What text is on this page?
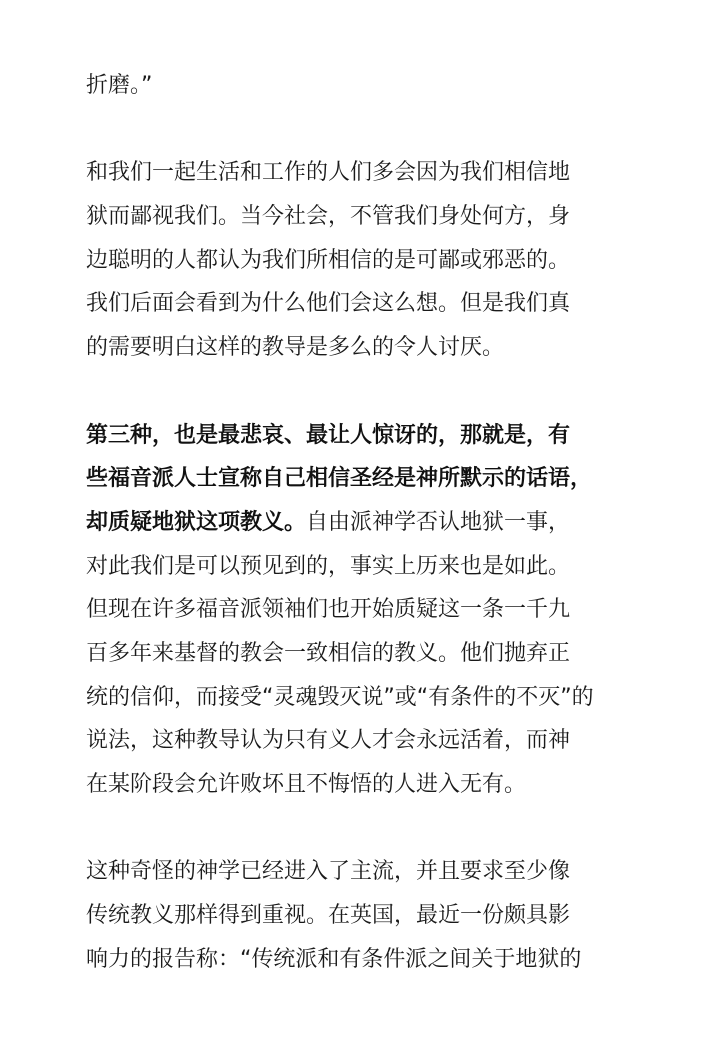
折磨。”
和我们一起生活和工作的人们多会因为我们相信地
狱而鄙视我们。当今社会，不管我们身处何方，身
边聪明的人都认为我们所相信的是可鄙或邪恶的。
我们后面会看到为什么他们会这么想。但是我们真
的需要明白这样的教导是多么的令人讨厌。
第三种，也是最悲哀、最让人惊讶的，那就是，有
些福音派人士宣称自己相信圣经是神所默示的话语，
却质疑地狱这项教义。自由派神学否认地狱一事，
对此我们是可以预见到的，事实上历来也是如此。
但现在许多福音派领袖们也开始质疑这一条一千九
百多年来基督的教会一致相信的教义。他们抛弃正
统的信仰，而接受“灵魂毁灭说”或“有条件的不灭”的
说法，这种教导认为只有义人才会永远活着，而神
在某阶段会允许败坏且不悔悟的人进入无有。
这种奇怪的神学已经进入了主流，并且要求至少像
传统教义那样得到重视。在英国，最近一份颇具影
响力的报告称：“传统派和有条件派之间关于地狱的
